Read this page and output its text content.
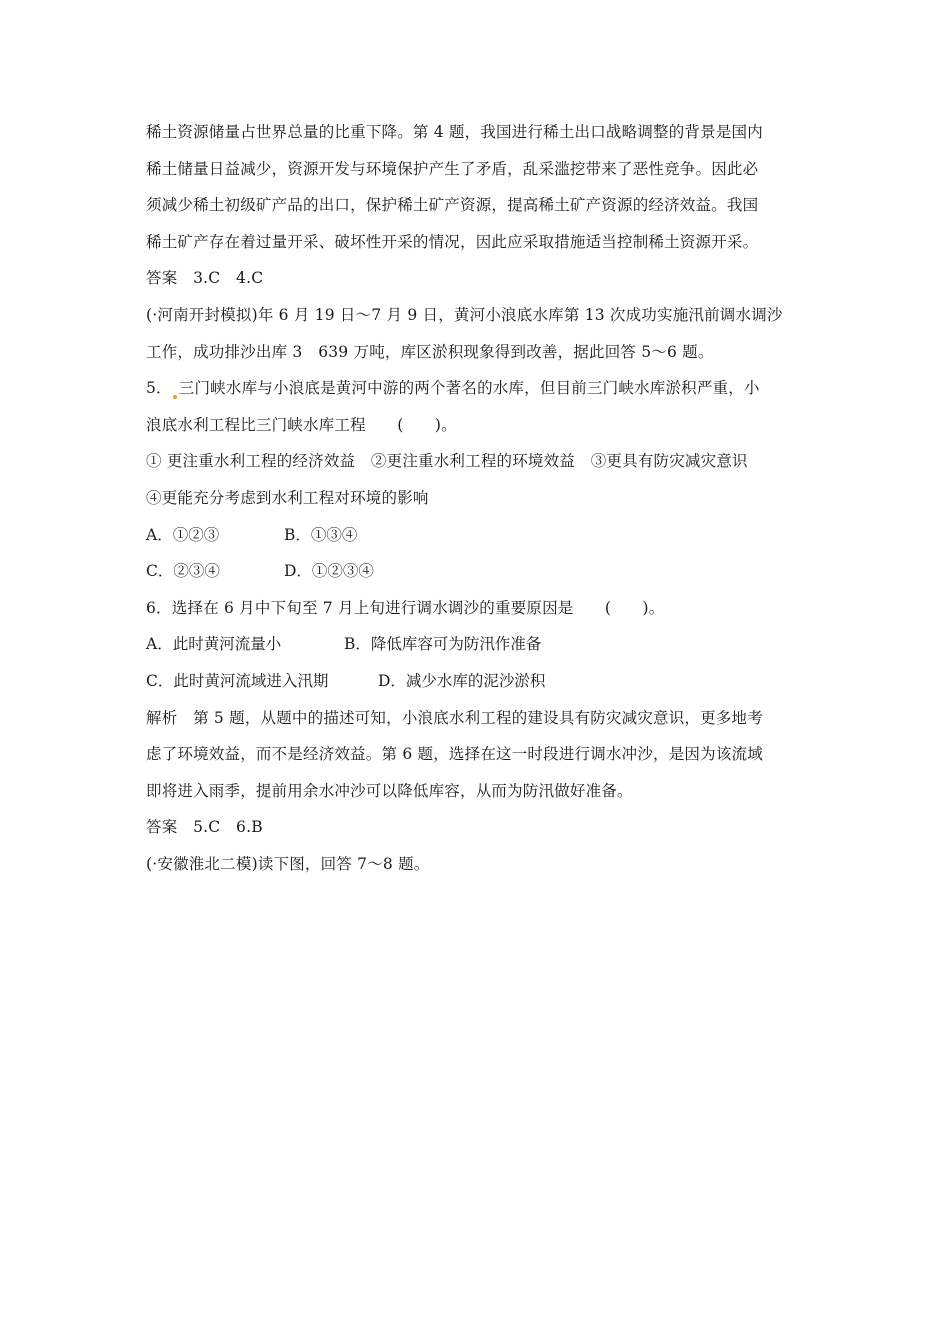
稀土资源储量占世界总量的比重下降。第 4 题，我国进行稀土出口战略调整的背景是国内

稀土储量日益减少，资源开发与环境保护产生了矛盾，乱采滥挖带来了恶性竞争。因此必

须减少稀土初级矿产品的出口，保护稀土矿产资源，提高稀土矿产资源的经济效益。我国

稀土矿产存在着过量开采、破坏性开采的情况，因此应采取措施适当控制稀土资源开采。

答案　3.C　4.C

(·河南开封模拟)年 6 月 19 日～7 月 9 日，黄河小浪底水库第 13 次成功实施汛前调水调沙

工作，成功排沙出库 3　639 万吨，库区淤积现象得到改善，据此回答 5～6 题。

5． 三门峡水库与小浪底是黄河中游的两个著名的水库，但目前三门峡水库淤积严重，小

浪底水利工程比三门峡水库工程　　(　　)。

① 更注重水利工程的经济效益　②更注重水利工程的环境效益　③更具有防灾减灾意识

④更能充分考虑到水利工程对环境的影响

A．①②③	B．①③④
C．②③④	D．①②③④

6．选择在 6 月中下旬至 7 月上旬进行调水调沙的重要原因是　　(　　)。

A．此时黄河流量小	B．降低库容可为防汛作准备
C．此时黄河流域进入汛期	D．减少水库的泥沙淤积

解析　第 5 题，从题中的描述可知，小浪底水利工程的建设具有防灾减灾意识，更多地考

虑了环境效益，而不是经济效益。第 6 题，选择在这一时段进行调水冲沙，是因为该流域

即将进入雨季，提前用余水冲沙可以降低库容，从而为防汛做好准备。

答案　5.C　6.B

(·安徽淮北二模)读下图，回答 7～8 题。
